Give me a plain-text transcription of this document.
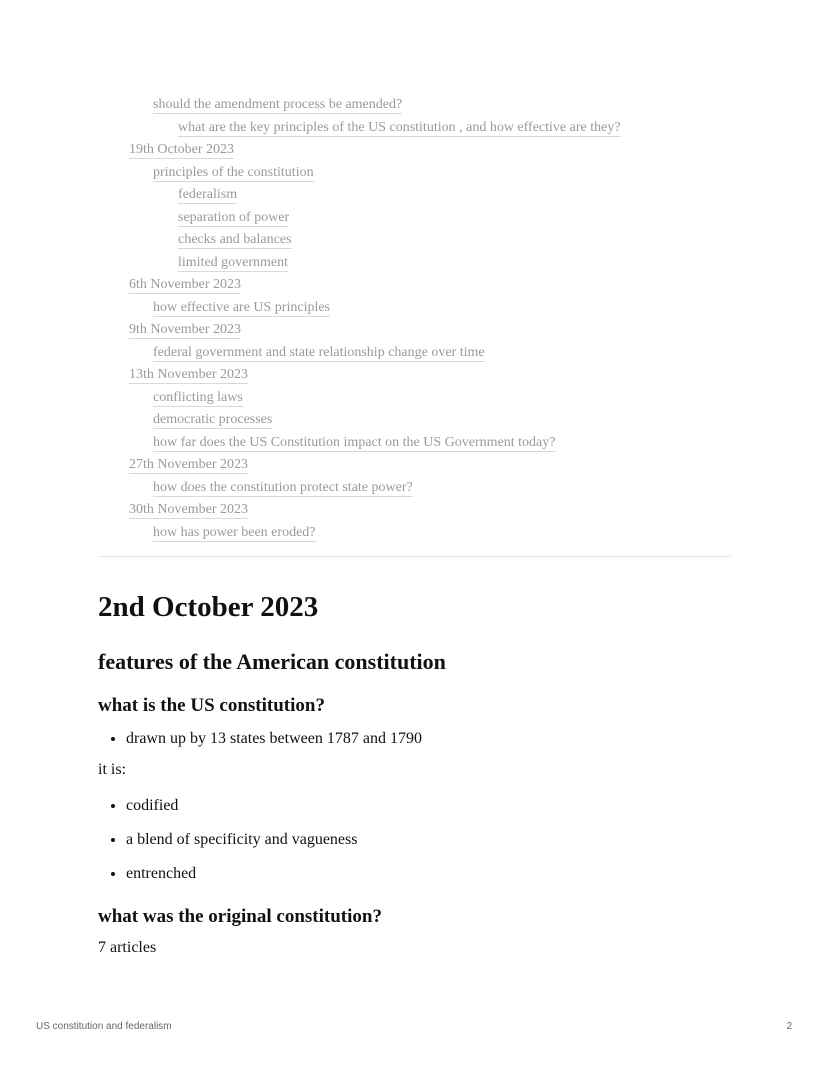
should the amendment process be amended?
what are the key principles of the US constitution , and how effective are they?
19th October 2023
principles of the constitution
federalism
separation of power
checks and balances
limited government
6th November 2023
how effective are US principles
9th November 2023
federal government and state relationship change over time
13th November 2023
conflicting laws
democratic processes
how far does the US Constitution impact on the US Government today?
27th November 2023
how does the constitution protect state power?
30th November 2023
how has power been eroded?
2nd October 2023
features of the American constitution
what is the US constitution?
• drawn up by 13 states between 1787 and 1790

it is:

• codified
• a blend of specificity and vagueness
• entrenched
what was the original constitution?

7 articles

US constitution and federalism	2
